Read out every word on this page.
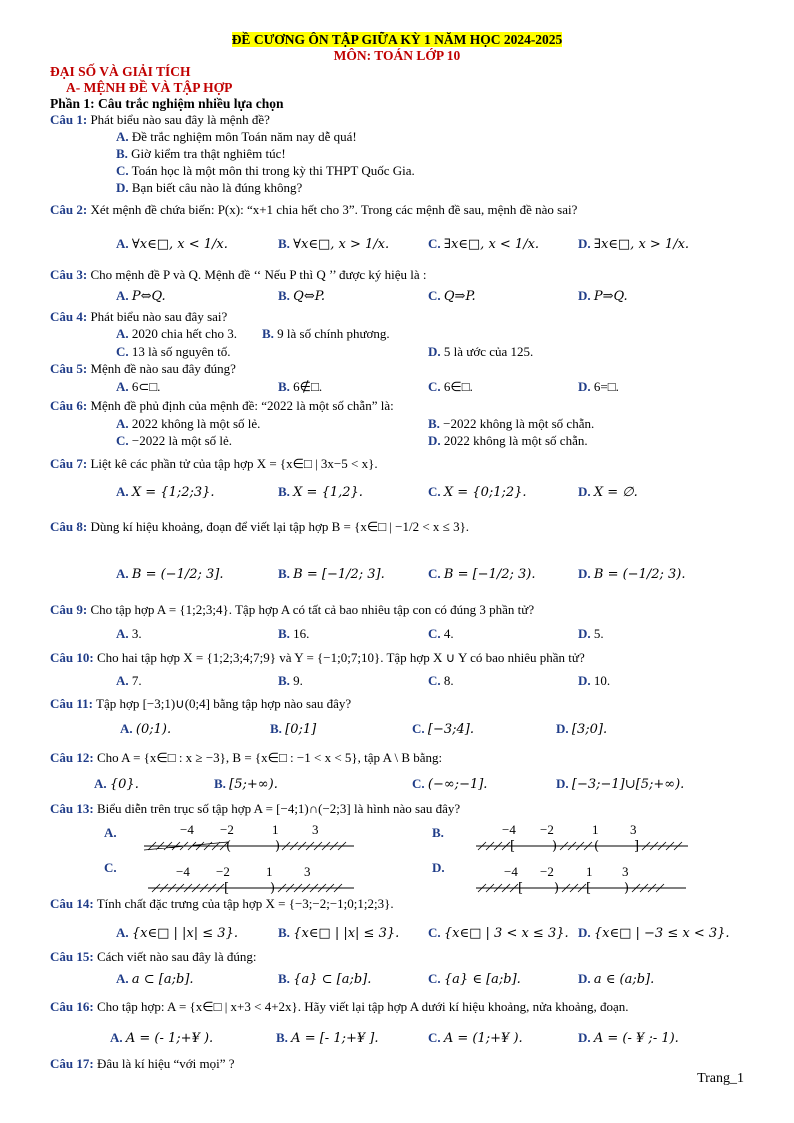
ĐỀ CƯƠNG ÔN TẬP GIỮA KỲ 1 NĂM HỌC 2024-2025
MÔN: TOÁN LỚP 10
ĐẠI SỐ VÀ GIẢI TÍCH
A- MỆNH ĐỀ VÀ TẬP HỢP
Phần 1: Câu trắc nghiệm nhiều lựa chọn
Câu 1: Phát biểu nào sau đây là mệnh đề?
A. Đề trắc nghiệm môn Toán năm nay dễ quá!
B. Giờ kiểm tra thật nghiêm túc!
C. Toán học là một môn thi trong kỳ thi THPT Quốc Gia.
D. Bạn biết câu nào là đúng không?
Câu 2: Xét mệnh đề chứa biến: P(x): “x+1 chia hết cho 3”. Trong các mệnh đề sau, mệnh đề nào sai?
A. ∀x∈□, x < 1/x.	B. ∀x∈□, x > 1/x.	C. ∃x∈□, x < 1/x.	D. ∃x∈□, x > 1/x.
Câu 3: Cho mệnh đề P và Q. Mệnh đề ‘‘ Nếu P thì Q ’’ được ký hiệu là :
A. P⇔Q.	B. Q⇔P.	C. Q⇒P.	D. P⇒Q.
Câu 4: Phát biểu nào sau đây sai?
A. 2020 chia hết cho 3. B. 9 là số chính phương.
C. 13 là số nguyên tố.	D. 5 là ước của 125.
Câu 5: Mệnh đề nào sau đây đúng?
A. 6⊂□.	B. 6∉□.	C. 6∈□.	D. 6=□.
Câu 6: Mệnh đề phủ định của mệnh đề: “2022 là một số chẵn” là:
A. 2022 không là một số lẻ.	B. −2022 không là một số chẵn.
C. −2022 là một số lẻ.	D. 2022 không là một số chẵn.
Câu 7: Liệt kê các phần tử của tập hợp X = {x∈□ | 3x−5 < x}.
A. X = {1;2;3}.	B. X = {1,2}.	C. X = {0;1;2}.	D. X = ∅.
Câu 8: Dùng kí hiệu khoảng, đoạn để viết lại tập hợp B = {x∈□ | −1/2 < x ≤ 3}.
A. B = (−1/2; 3].	B. B = [−1/2; 3].	C. B = [−1/2; 3).	D. B = (−1/2; 3).
Câu 9: Cho tập hợp A = {1;2;3;4}. Tập hợp A có tất cả bao nhiêu tập con có đúng 3 phần tử?
A. 3.	B. 16.	C. 4.	D. 5.
Câu 10: Cho hai tập hợp X = {1;2;3;4;7;9} và Y = {−1;0;7;10}. Tập hợp X ∪ Y có bao nhiêu phần tử?
A. 7.	B. 9.	C. 8.	D. 10.
Câu 11: Tập hợp [−3;1)∪(0;4] bằng tập hợp nào sau đây?
A. (0;1).	B. [0;1]	C. [−3;4].	D. [3;0].
Câu 12: Cho A = {x∈□ : x ≥ −3}, B = {x∈□ : −1 < x < 5}, tập A \ B bằng:
A. {0}.	B. [5;+∞).	C. (−∞;−1].	D. [−3;−1]∪[5;+∞).
Câu 13: Biểu diễn trên trục số tập hợp A = [−4;1)∩(−2;3] là hình nào sau đây?
A.	B.
C.	D.
−4 −2	1	3
(	)
−4 −2	1 3
[	)	(	]
−4 −2	1 3
[	)
−4 −2 1 3
[ ) [	)
Câu 14: Tính chất đặc trưng của tập hợp X = {−3;−2;−1;0;1;2;3}.
A. {x∈□ | |x| ≤ 3}.	B. {x∈□ | |x| ≤ 3}. C. {x∈□ | 3 < x ≤ 3}. D. {x∈□ | −3 ≤ x < 3}.
Câu 15: Cách viết nào sau đây là đúng:
A. a ⊂ [a;b].	B. {a} ⊂ [a;b].	C. {a} ∈ [a;b].	D. a ∈ (a;b].
Câu 16: Cho tập hợp: A = {x∈□ | x+3 < 4+2x}. Hãy viết lại tập hợp A dưới kí hiệu khoảng, nửa khoảng, đoạn.
A. A = (- 1;+¥ ).	B. A = [- 1;+¥ ].	C. A = (1;+¥ ).	D. A = (- ¥ ;- 1).
Câu 17: Đâu là kí hiệu “với mọi” ?
Trang_1
